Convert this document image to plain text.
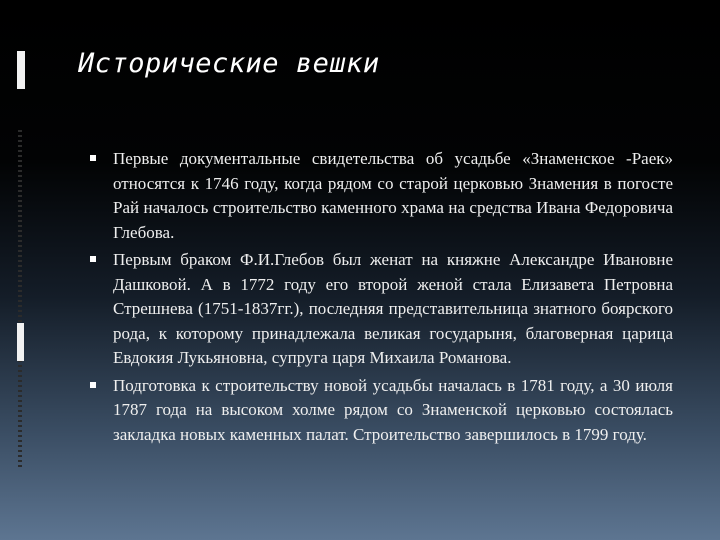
Исторические вешки
Первые документальные свидетельства об усадьбе «Знаменское -Раек» относятся к 1746 году, когда рядом со старой церковью Знамения в погосте Рай началось строительство каменного храма на средства Ивана Федоровича Глебова.
Первым браком Ф.И.Глебов был женат на княжне Александре Ивановне Дашковой. А в 1772 году его второй женой стала Елизавета Петровна Стрешнева (1751-1837гг.), последняя представительница знатного боярского рода, к которому принадлежала великая государыня, благоверная царица Евдокия Лукьяновна, супруга царя Михаила Романова.
Подготовка к строительству новой усадьбы началась в 1781 году, а 30 июля 1787 года на высоком холме рядом со Знаменской церковью состоялась закладка новых каменных палат. Строительство завершилось в 1799 году.
